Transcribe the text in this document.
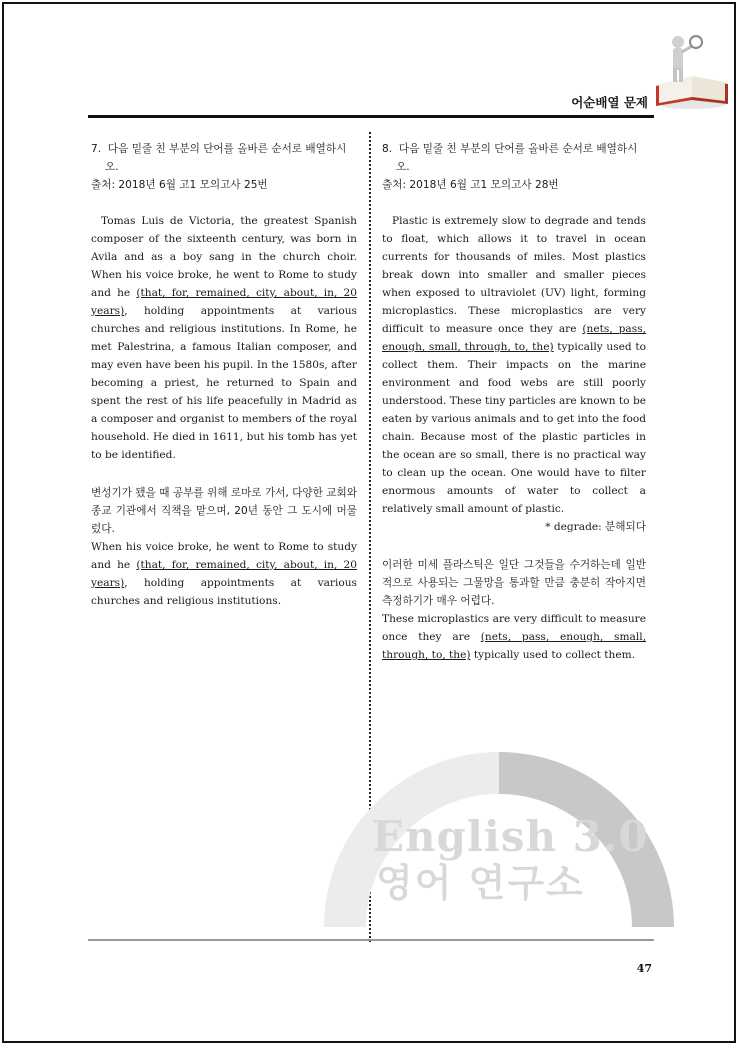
어순배열 문제
English 3.0
영어 연구소
7. 다음 밑줄 친 부분의 단어를 올바른 순서로 배열하시오.
출처: 2018년 6월 고1 모의고사 25번
Tomas Luis de Victoria, the greatest Spanish composer of the sixteenth century, was born in Avila and as a boy sang in the church choir. When his voice broke, he went to Rome to study and he (that, for, remained, city, about, in, 20 years), holding appointments at various churches and religious institutions. In Rome, he met Palestrina, a famous Italian composer, and may even have been his pupil. In the 1580s, after becoming a priest, he returned to Spain and spent the rest of his life peacefully in Madrid as a composer and organist to members of the royal household. He died in 1611, but his tomb has yet to be identified.
변성기가 됐을 때 공부를 위해 로마로 가서, 다양한 교회와 종교 기관에서 직책을 맡으며, 20년 동안 그 도시에 머물렀다.
When his voice broke, he went to Rome to study and he (that, for, remained, city, about, in, 20 years), holding appointments at various churches and religious institutions.
8. 다음 밑줄 친 부분의 단어를 올바른 순서로 배열하시오.
출처: 2018년 6월 고1 모의고사 28번
Plastic is extremely slow to degrade and tends to float, which allows it to travel in ocean currents for thousands of miles. Most plastics break down into smaller and smaller pieces when exposed to ultraviolet (UV) light, forming microplastics. These microplastics are very difficult to measure once they are (nets, pass, enough, small, through, to, the) typically used to collect them. Their impacts on the marine environment and food webs are still poorly understood. These tiny particles are known to be eaten by various animals and to get into the food chain. Because most of the plastic particles in the ocean are so small, there is no practical way to clean up the ocean. One would have to filter enormous amounts of water to collect a relatively small amount of plastic.
* degrade: 분해되다
이러한 미세 플라스틱은 일단 그것들을 수거하는데 일반적으로 사용되는 그물망을 통과할 만큼 충분히 작아지면 측정하기가 매우 어렵다.
These microplastics are very difficult to measure once they are (nets, pass, enough, small, through, to, the) typically used to collect them.
47
